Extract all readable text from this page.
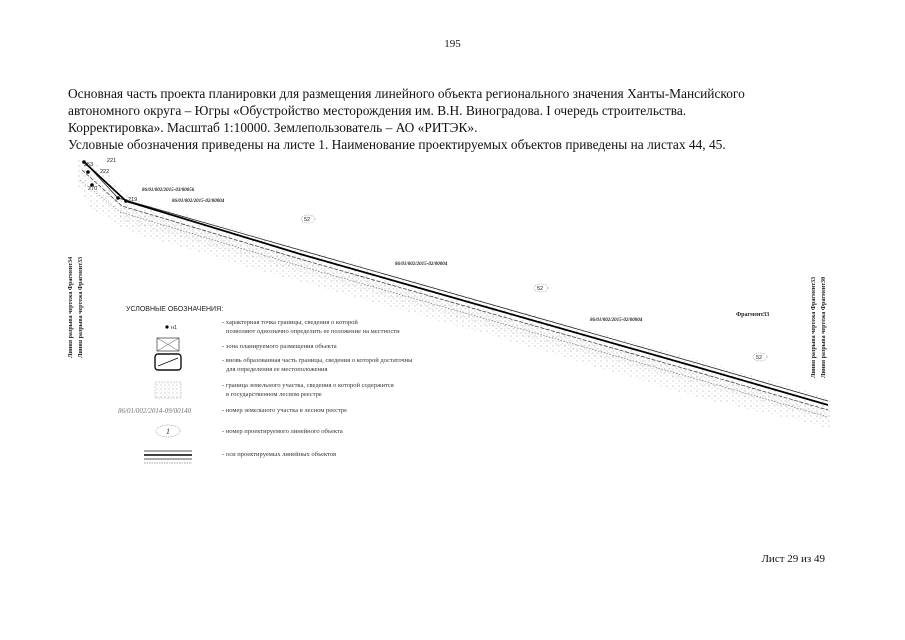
195

Основная часть проекта планировки для размещения линейного объекта регионального значения Ханты-Мансийского

автономного округа – Югры «Обустройство месторождения им. В.Н. Виноградова. I очередь строительства.

Корректировка». Масштаб 1:10000. Землепользователь – АО «РИТЭК».

Условные обозначения приведены на листе 1. Наименование проектируемых объектов приведены на листах 44, 45.

221
253
222
270
219
86/01/002/2015-03/00056
86/01/002/2015-02/00004
86/01/002/2015-02/00004
86/01/002/2015-02/00004
52
52
52
Фрагмент33
Линия разрыва чертежа Фрагмент34 Линия разрыва чертежа Фрагмент33	Линия разрыва чертежа Фрагмент33 Линия разрыва чертежа Фрагмент30
УСЛОВНЫЕ ОБОЗНАЧЕНИЯ:
н1
- характерная точка границы, сведения о которой
позволяют однозначно определить ее положение на местности
- зона планируемого размещения объекта
- вновь образованная часть границы, сведения о которой достаточны
для определения ее местоположения
- граница земельного участка, сведения о которой содержится
в государственном лесном реестре
86/01/002/2014-09/00140	- номер земельного участка в лесном реестре
1	- номер проектируемого линейного объекта
- оси проектируемых линейных объектов
Лист 29 из 49
